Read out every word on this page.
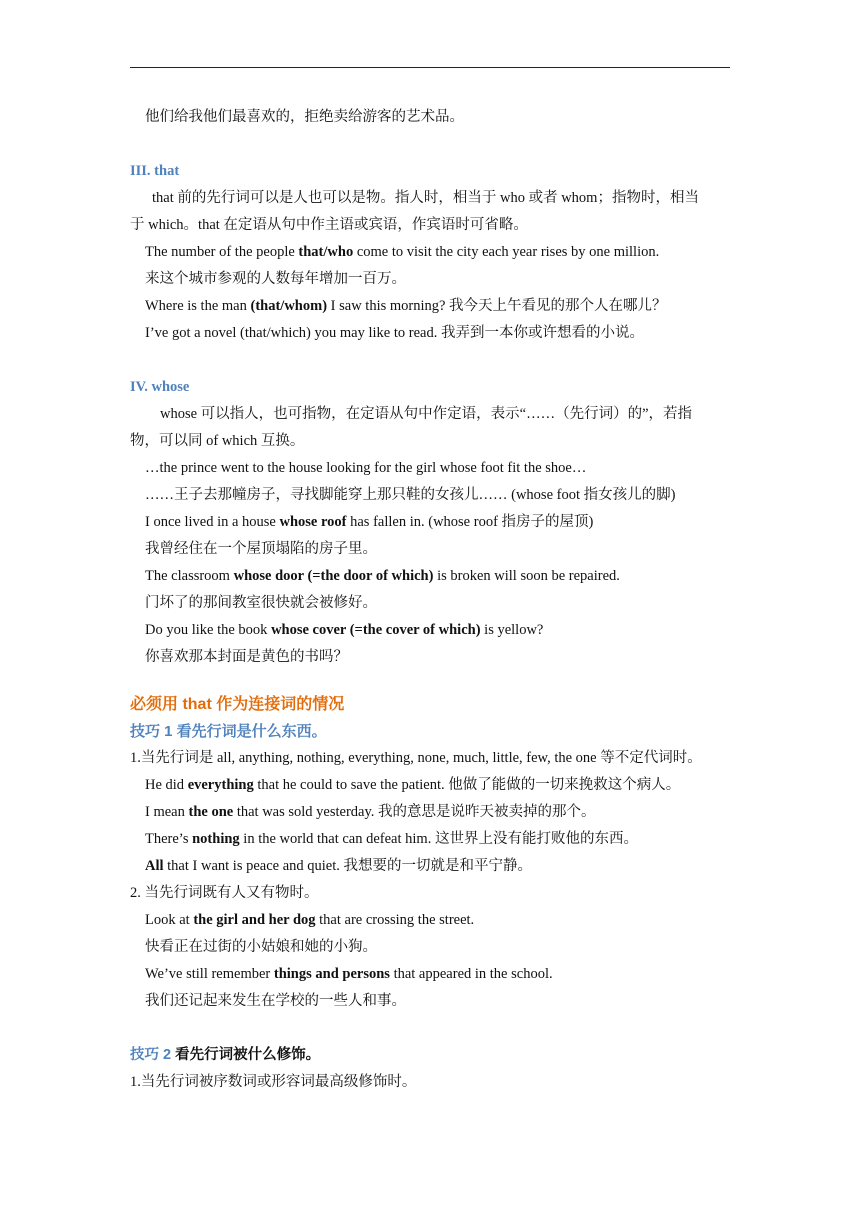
他们给我他们最喜欢的，拒绝卖给游客的艺术品。

III. that

that 前的先行词可以是人也可以是物。指人时，相当于 who 或者 whom；指物时，相当

于 which。that 在定语从句中作主语或宾语，作宾语时可省略。

The number of the people that/who come to visit the city each year rises by one million.

来这个城市参观的人数每年增加一百万。

Where is the man (that/whom) I saw this morning? 我今天上午看见的那个人在哪儿？

I’ve got a novel (that/which) you may like to read. 我弄到一本你或许想看的小说。

IV. whose

whose 可以指人，也可指物，在定语从句中作定语，表示“……（先行词）的”，若指

物，可以同 of which 互换。

…the prince went to the house looking for the girl whose foot fit the shoe…

……王子去那幢房子，寻找脚能穿上那只鞋的女孩儿…… (whose foot 指女孩儿的脚)

I once lived in a house whose roof has fallen in. (whose roof 指房子的屋顶)

我曾经住在一个屋顶塌陷的房子里。

The classroom whose door (=the door of which) is broken will soon be repaired.

门坏了的那间教室很快就会被修好。

Do you like the book whose cover (=the cover of which) is yellow?

你喜欢那本封面是黄色的书吗？

必须用 that 作为连接词的情况

技巧 1 看先行词是什么东西。

1.当先行词是 all, anything, nothing, everything, none, much, little, few, the one 等不定代词时。

He did everything that he could to save the patient. 他做了能做的一切来挽救这个病人。

I mean the one that was sold yesterday. 我的意思是说昨天被卖掉的那个。

There’s nothing in the world that can defeat him. 这世界上没有能打败他的东西。

All that I want is peace and quiet. 我想要的一切就是和平宁静。

2. 当先行词既有人又有物时。

Look at the girl and her dog that are crossing the street.

快看正在过街的小姑娘和她的小狗。

We’ve still remember things and persons that appeared in the school.

我们还记起来发生在学校的一些人和事。

技巧 2 看先行词被什么修饰。

1.当先行词被序数词或形容词最高级修饰时。
